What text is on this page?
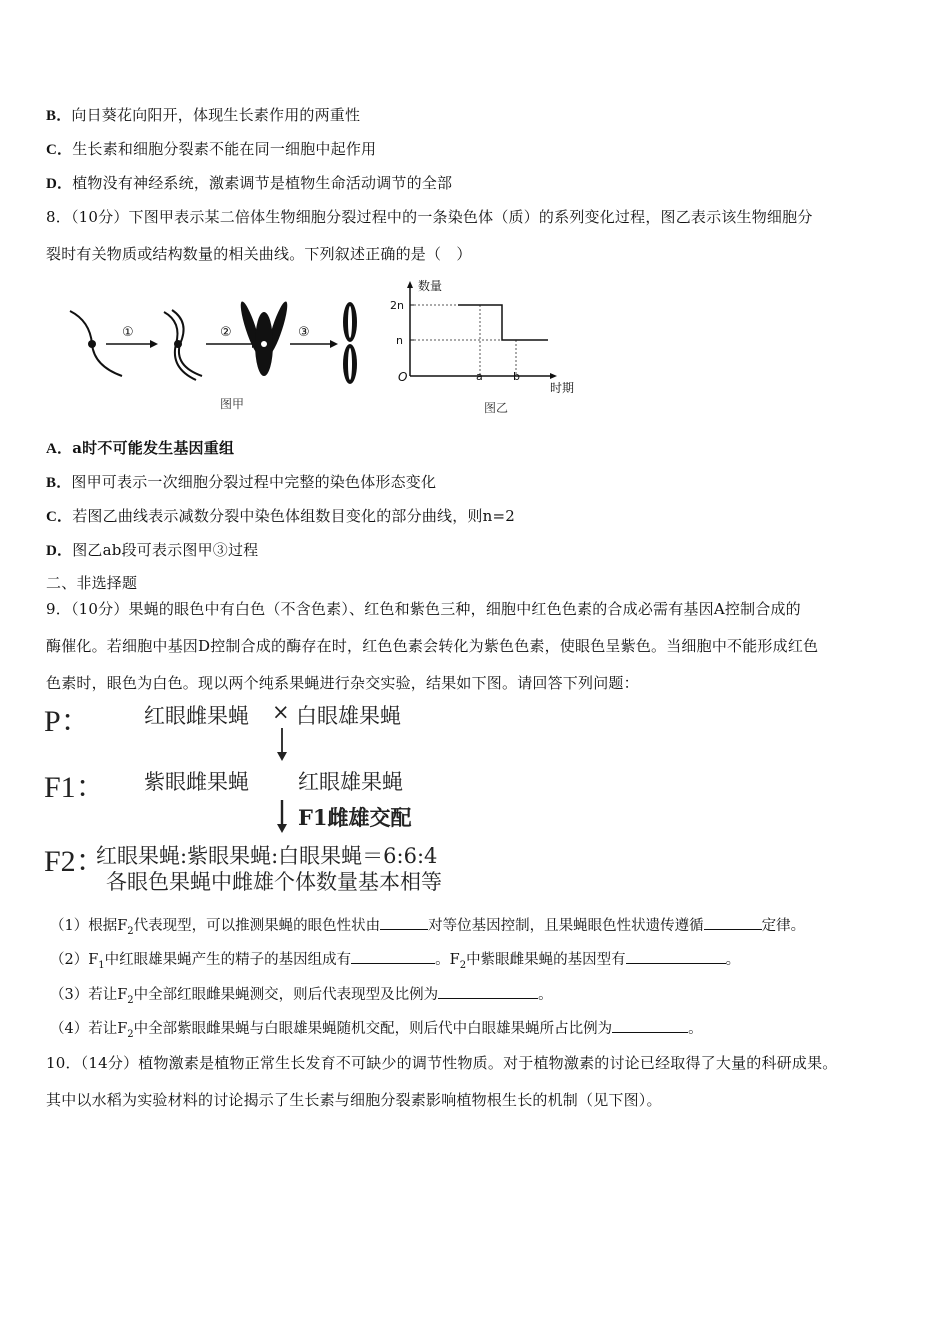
B．向日葵花向阳开，体现生长素作用的两重性
C．生长素和细胞分裂素不能在同一细胞中起作用
D．植物没有神经系统，激素调节是植物生命活动调节的全部
8．（10分）下图甲表示某二倍体生物细胞分裂过程中的一条染色体（质）的系列变化过程，图乙表示该生物细胞分
裂时有关物质或结构数量的相关曲线。下列叙述正确的是（　）
①	②	③
图甲
数量
时期
O
2n
n
a	b
图乙
A．a时不可能发生基因重组
B．图甲可表示一次细胞分裂过程中完整的染色体形态变化
C．若图乙曲线表示减数分裂中染色体组数目变化的部分曲线，则n=2
D．图乙ab段可表示图甲③过程
二、非选择题
9．（10分）果蝇的眼色中有白色（不含色素）、红色和紫色三种，细胞中红色色素的合成必需有基因A控制合成的
酶催化。若细胞中基因D控制合成的酶存在时，红色色素会转化为紫色色素，使眼色呈紫色。当细胞中不能形成红色
色素时，眼色为白色。现以两个纯系果蝇进行杂交实验，结果如下图。请回答下列问题：
P：	红眼雌果蝇 × 白眼雄果蝇
F1： 紫眼雌果蝇 红眼雄果蝇
F1雌雄交配
F2：
红眼果蝇:紫眼果蝇:白眼果蝇＝6:6:4
各眼色果蝇中雌雄个体数量基本相等
（1）根据$F_2$代表现型，可以推测果蝇的眼色性状由	对等位基因控制，且果蝇眼色性状遗传遵循	定律。
$(2)F_1$中红眼雄果蝇产生的精子的基因组成有	。$F_2$中紫眼雌果蝇的基因型有	。
（3）若让$F_2$中全部红眼雌果蝇测交，则后代表现型及比例为	。
（4）若让$F_2$中全部紫眼雌果蝇与白眼雄果蝇随机交配，则后代中白眼雄果蝇所占比例为	。
10．（14分）植物激素是植物正常生长发育不可缺少的调节性物质。对于植物激素的讨论已经取得了大量的科研成果。
其中以水稻为实验材料的讨论揭示了生长素与细胞分裂素影响植物根生长的机制（见下图）。
